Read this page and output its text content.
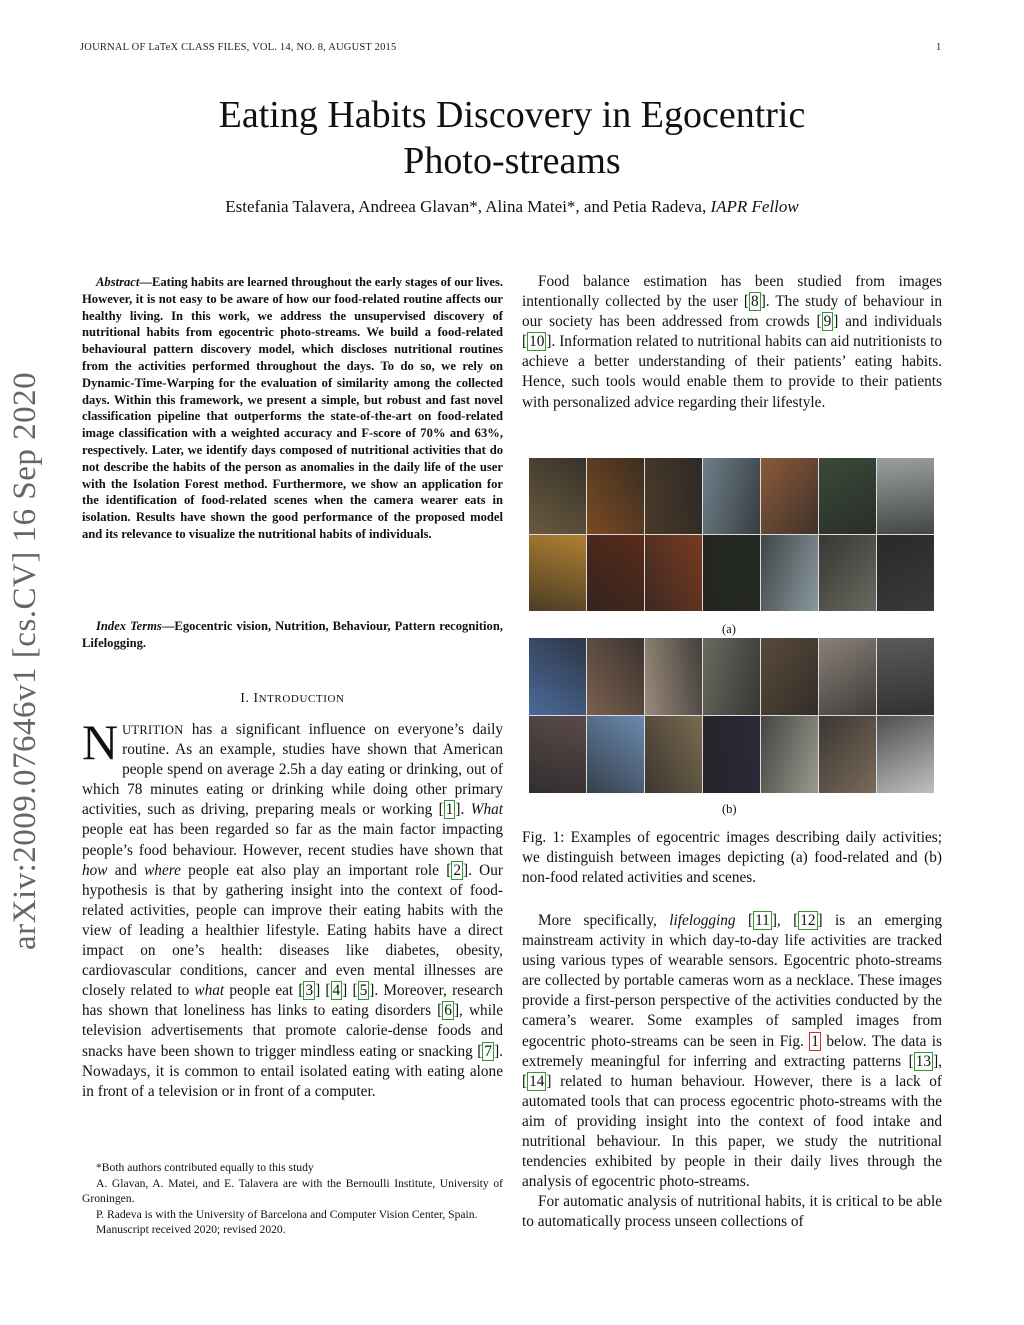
JOURNAL OF LaTeX CLASS FILES, VOL. 14, NO. 8, AUGUST 2015	1
Eating Habits Discovery in Egocentric
Photo-streams
Estefania Talavera, Andreea Glavan*, Alina Matei*, and Petia Radeva, IAPR Fellow
arXiv:2009.07646v1 [cs.CV] 16 Sep 2020
Abstract—Eating habits are learned throughout the early stages of our lives. However, it is not easy to be aware of how our food-related routine affects our healthy living. In this work, we address the unsupervised discovery of nutritional habits from egocentric photo-streams. We build a food-related behavioural pattern discovery model, which discloses nutritional routines from the activities performed throughout the days. To do so, we rely on Dynamic-Time-Warping for the evaluation of similarity among the collected days. Within this framework, we present a simple, but robust and fast novel classification pipeline that outperforms the state-of-the-art on food-related image classification with a weighted accuracy and F-score of 70% and 63%, respectively. Later, we identify days composed of nutritional activities that do not describe the habits of the person as anomalies in the daily life of the user with the Isolation Forest method. Furthermore, we show an application for the identification of food-related scenes when the camera wearer eats in isolation. Results have shown the good performance of the proposed model and its relevance to visualize the nutritional habits of individuals.
Index Terms—Egocentric vision, Nutrition, Behaviour, Pattern recognition, Lifelogging.
I. INTRODUCTION
NUTRITION has a significant influence on everyone’s daily routine. As an example, studies have shown that American people spend on average 2.5h a day eating or drinking, out of which 78 minutes eating or drinking while doing other primary activities, such as driving, preparing meals or working [ 1 ]. What people eat has been regarded so far as the main factor impacting people’s food behaviour. However, recent studies have shown that how and where people eat also play an important role [ 2 ]. Our hypothesis is that by gathering insight into the context of food-related activities, people can improve their eating habits with the view of leading a healthier lifestyle. Eating habits have a direct impact on one’s health: diseases like diabetes, obesity, cardiovascular conditions, cancer and even mental illnesses are closely related to what people eat [ 3 ] [ 4 ] [ 5 ]. Moreover, research has shown that loneliness has links to eating disorders [ 6 ], while television advertisements that promote calorie-dense foods and snacks have been shown to trigger mindless eating or snacking [ 7 ]. Nowadays, it is common to entail isolated eating with eating alone in front of a television or in front of a computer.

*Both authors contributed equally to this study

A. Glavan, A. Matei, and E. Talavera are with the Bernoulli Institute, University of Groningen.

P. Radeva is with the University of Barcelona and Computer Vision Center, Spain.

Manuscript received 2020; revised 2020.

Food balance estimation has been studied from images intentionally collected by the user [ 8 ]. The study of behaviour in our society has been addressed from crowds [ 9 ] and individuals [ 10 ]. Information related to nutritional habits can aid nutritionists to achieve a better understanding of their patients’ eating habits. Hence, such tools would enable them to provide to their patients with personalized advice regarding their lifestyle.

(a)
(b)
Fig. 1: Examples of egocentric images describing daily activities; we distinguish between images depicting (a) food-related and (b) non-food related activities and scenes.

More specifically, lifelogging [ 11 ], [ 12 ] is an emerging mainstream activity in which day-to-day life activities are tracked using various types of wearable sensors. Egocentric photo-streams are collected by portable cameras worn as a necklace. These images provide a first-person perspective of the activities conducted by the camera’s wearer. Some examples of sampled images from egocentric photo-streams can be seen in Fig. 1 below. The data is extremely meaningful for inferring and extracting patterns [ 13 ], [ 14 ] related to human behaviour. However, there is a lack of automated tools that can process egocentric photo-streams with the aim of providing insight into the context of food intake and nutritional behaviour. In this paper, we study the nutritional tendencies exhibited by people in their daily lives through the analysis of egocentric photo-streams.

For automatic analysis of nutritional habits, it is critical to be able to automatically process unseen collections of
